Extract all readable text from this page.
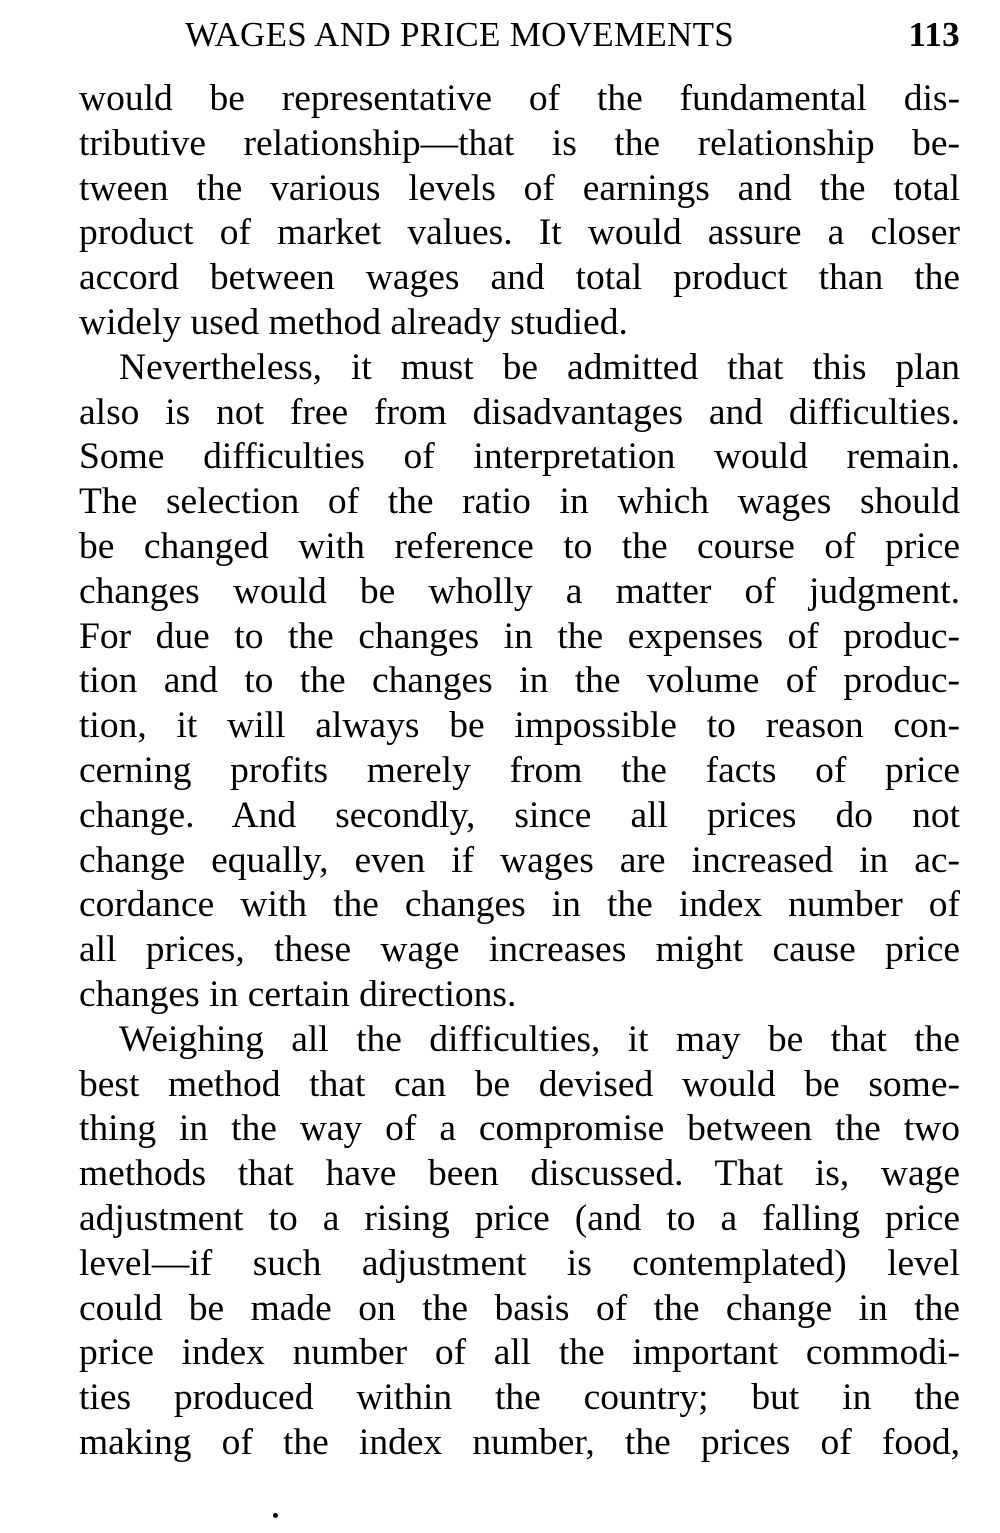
WAGES AND PRICE MOVEMENTS	113

would be representative of the fundamental dis-
tributive relationship—that is the relationship be-
tween the various levels of earnings and the total
product of market values. It would assure a closer
accord between wages and total product than the
widely used method already studied.

Nevertheless, it must be admitted that this plan
also is not free from disadvantages and difficulties.
Some difficulties of interpretation would remain.
The selection of the ratio in which wages should
be changed with reference to the course of price
changes would be wholly a matter of judgment.
For due to the changes in the expenses of produc-
tion and to the changes in the volume of produc-
tion, it will always be impossible to reason con-
cerning profits merely from the facts of price
change. And secondly, since all prices do not
change equally, even if wages are increased in ac-
cordance with the changes in the index number of
all prices, these wage increases might cause price
changes in certain directions.

Weighing all the difficulties, it may be that the
best method that can be devised would be some-
thing in the way of a compromise between the two
methods that have been discussed. That is, wage
adjustment to a rising price (and to a falling price
level—if such adjustment is contemplated) level
could be made on the basis of the change in the
price index number of all the important commodi-
ties produced within the country; but in the
making of the index number, the prices of food,
